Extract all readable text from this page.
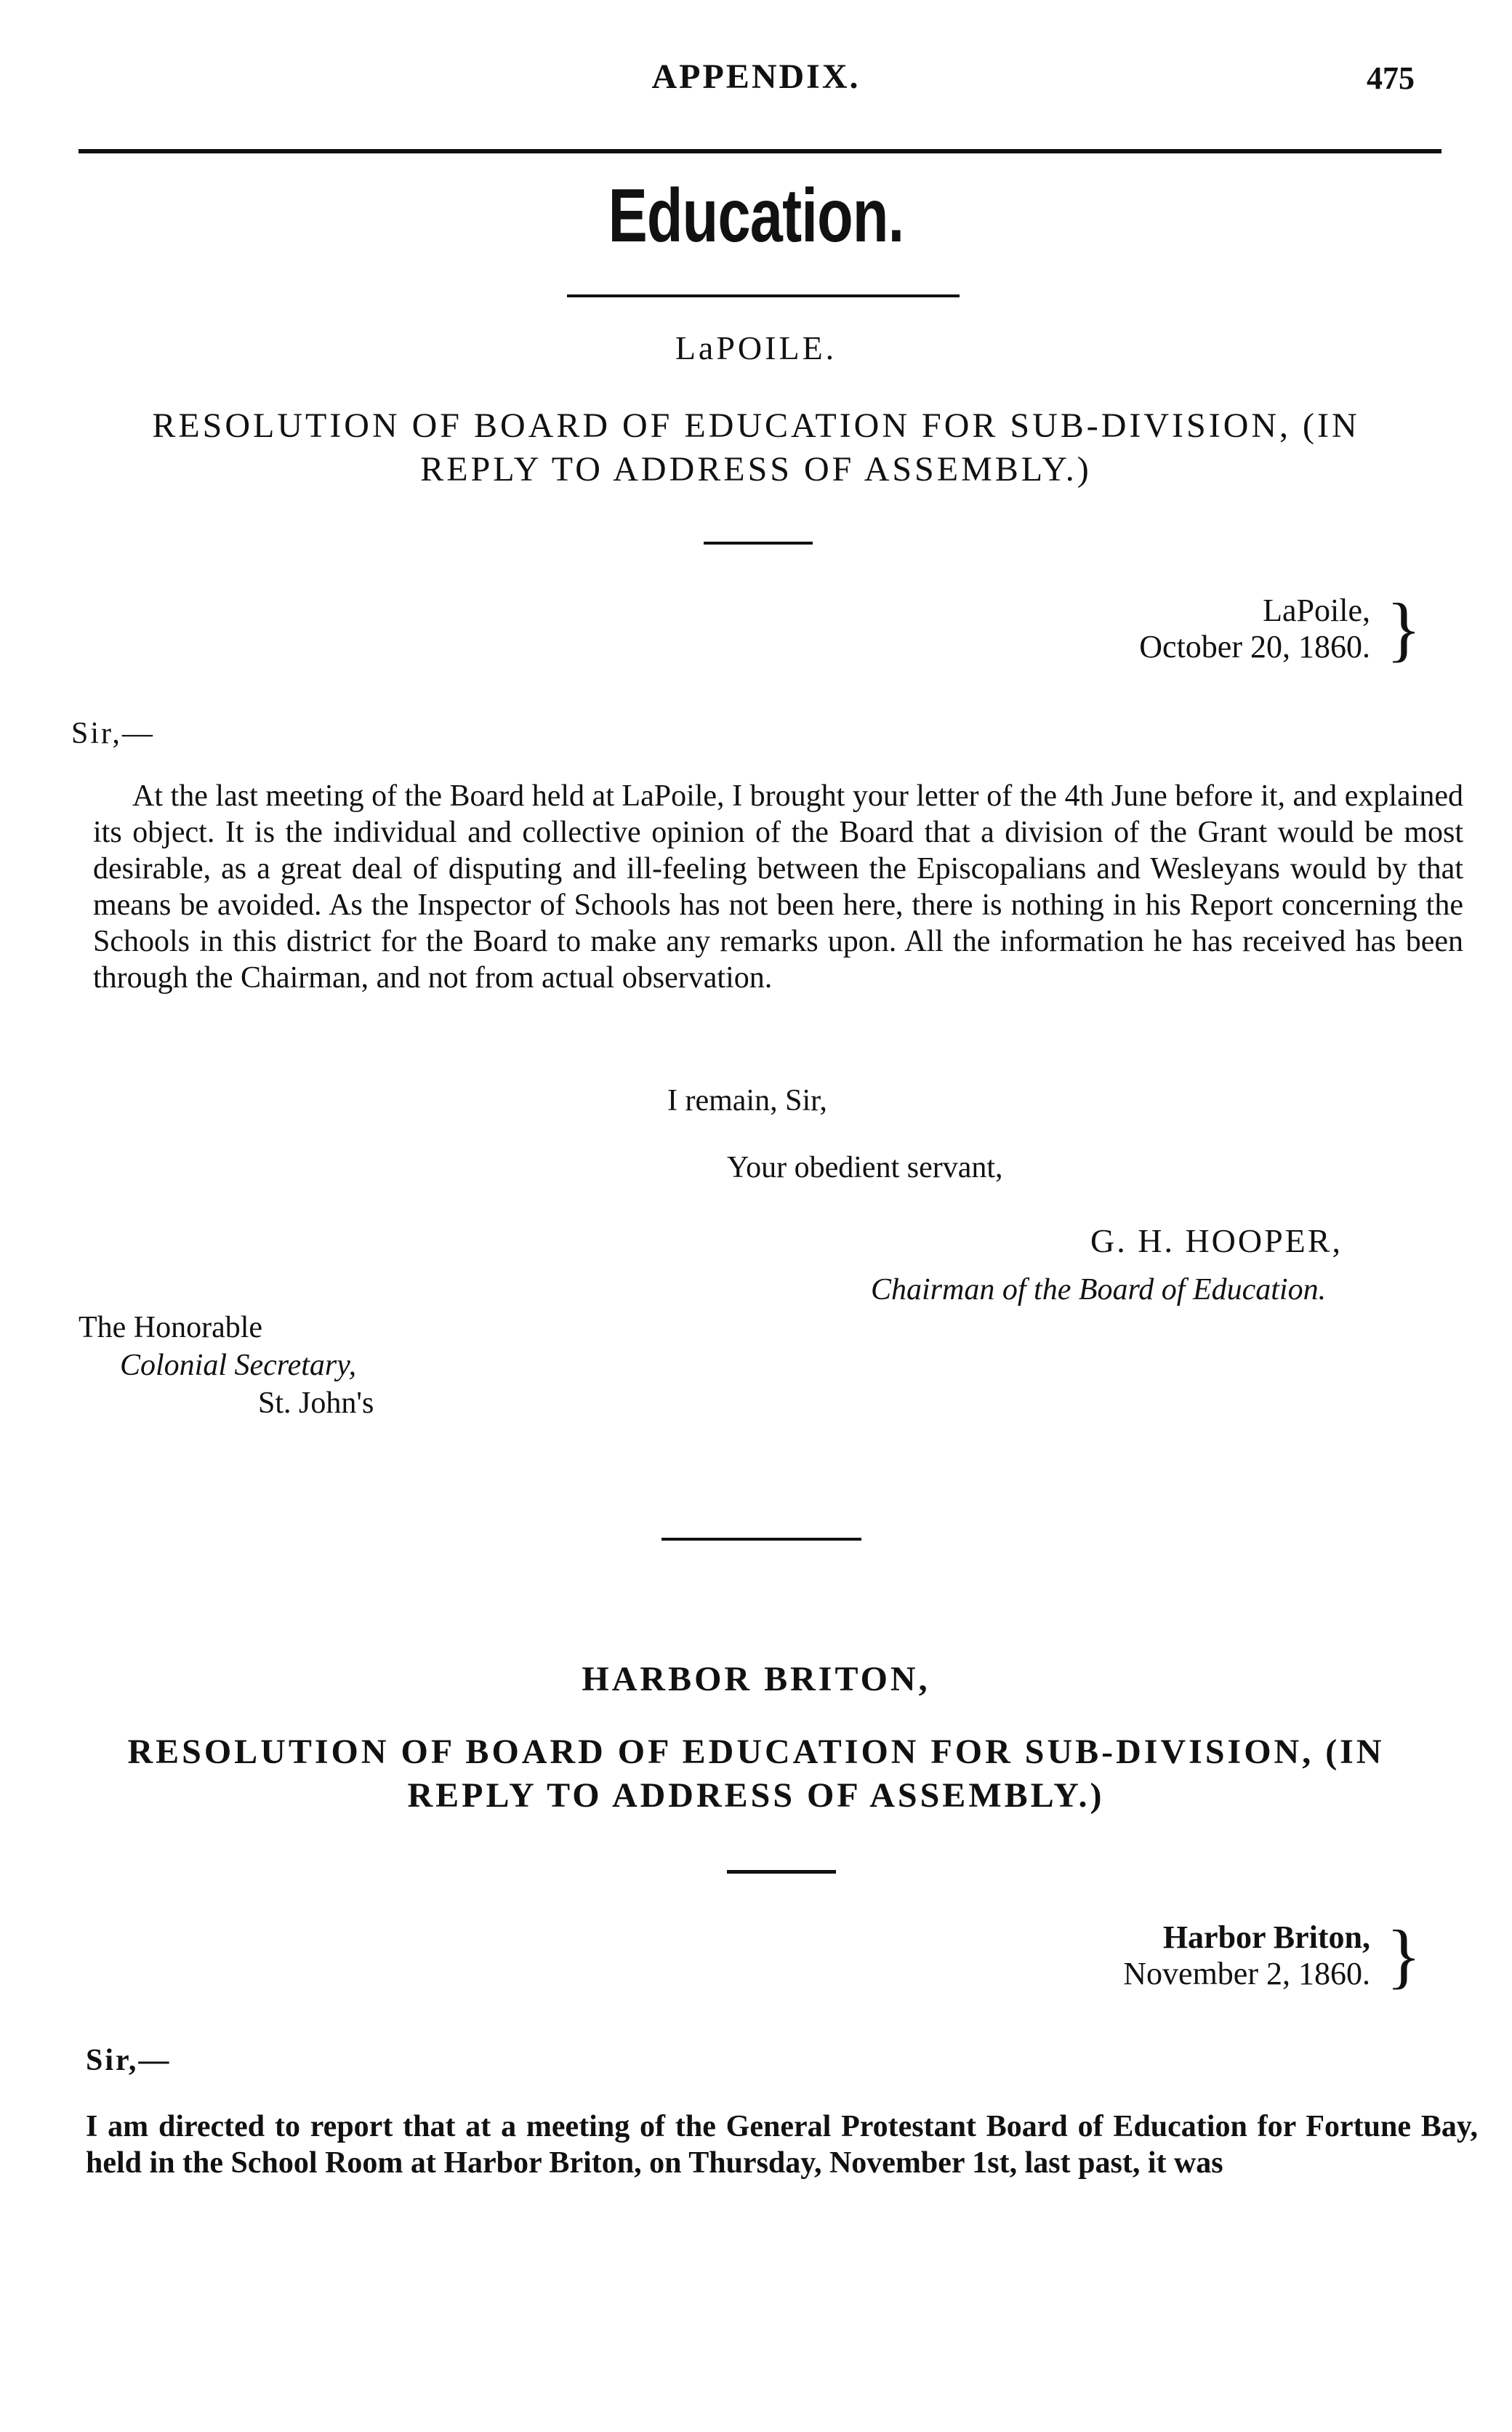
APPENDIX.	475
Education.
LaPOILE.
RESOLUTION OF BOARD OF EDUCATION FOR SUB-DIVISION, (IN
REPLY TO ADDRESS OF ASSEMBLY.)
LaPoile,
October 20, 1860. }
Sir,—

At the last meeting of the Board held at LaPoile, I brought your letter of the 4th June before it, and explained its object. It is the individual and collective opinion of the Board that a division of the Grant would be most desirable, as a great deal of disputing and ill-feeling between the Episcopalians and Wesleyans would by that means be avoided. As the Inspector of Schools has not been here, there is nothing in his Report concerning the Schools in this district for the Board to make any remarks upon. All the information he has received has been through the Chairman, and not from actual observation.

I remain, Sir,
Your obedient servant,
G. H. HOOPER,
Chairman of the Board of Education.
The Honorable
Colonial Secretary,
St. John's
HARBOR BRITON,
RESOLUTION OF BOARD OF EDUCATION FOR SUB-DIVISION, (IN
REPLY TO ADDRESS OF ASSEMBLY.)
Harbor Briton,
November 2, 1860. }
Sir,—

I am directed to report that at a meeting of the General Protestant Board of Education for Fortune Bay, held in the School Room at Harbor Briton, on Thursday, November 1st, last past, it was
